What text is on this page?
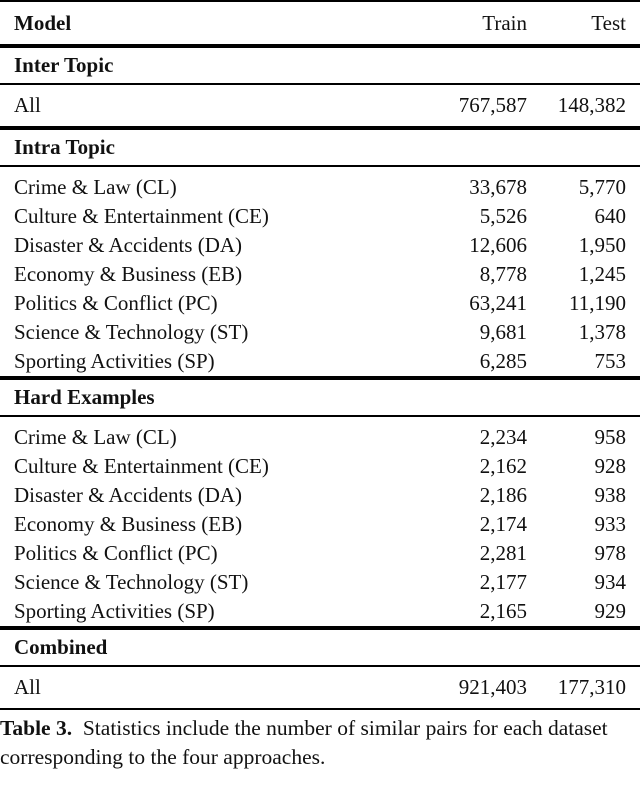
Model	Train	Test
Inter Topic
All	767,587	148,382
Intra Topic
Crime & Law (CL)	33,678	5,770
Culture & Entertainment (CE)	5,526	640
Disaster & Accidents (DA)	12,606	1,950
Economy & Business (EB)	8,778	1,245
Politics & Conflict (PC)	63,241	11,190
Science & Technology (ST)	9,681	1,378
Sporting Activities (SP)	6,285	753
Hard Examples
Crime & Law (CL)	2,234	958
Culture & Entertainment (CE)	2,162	928
Disaster & Accidents (DA)	2,186	938
Economy & Business (EB)	2,174	933
Politics & Conflict (PC)	2,281	978
Science & Technology (ST)	2,177	934
Sporting Activities (SP)	2,165	929
Combined
All	921,403	177,310
Table 3. Statistics include the number of similar pairs for each dataset corresponding to the four approaches.
